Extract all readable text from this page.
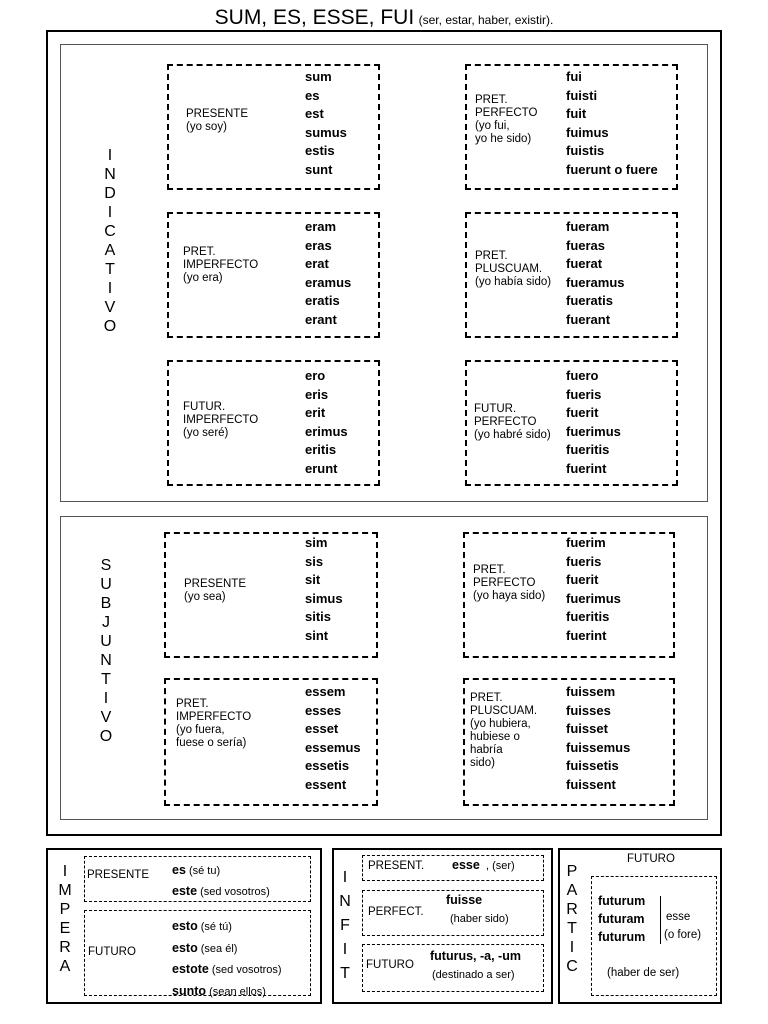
SUM, ES, ESSE, FUI (ser, estar, haber, existir).
I
N
D
I
C
A
T
I
V
O
PRESENTE
(yo soy)
sum
es
est
sumus
estis
sunt
PRET.
PERFECTO
(yo fui,
yo he sido)
fui
fuisti
fuit
fuimus
fuistis
fuerunt o fuere
PRET.
IMPERFECTO
(yo era)
eram
eras
erat
eramus
eratis
erant
PRET.
PLUSCUAM.
(yo había sido)
fueram
fueras
fuerat
fueramus
fueratis
fuerant
FUTUR.
IMPERFECTO
(yo seré)
ero
eris
erit
erimus
eritis
erunt
FUTUR.
PERFECTO
(yo habré sido)
fuero
fueris
fuerit
fuerimus
fueritis
fuerint
S
U
B
J
U
N
T
I
V
O
PRESENTE
(yo sea)
sim
sis
sit
simus
sitis
sint
PRET.
PERFECTO
(yo haya sido)
fuerim
fueris
fuerit
fuerimus
fueritis
fuerint
PRET.
IMPERFECTO
(yo fuera,
fuese o sería)
essem
esses
esset
essemus
essetis
essent
PRET.
PLUSCUAM.
(yo hubiera,
hubiese o
habría
sido)
fuissem
fuisses
fuisset
fuissemus
fuissetis
fuissent
I
M
P
E
R
A
PRESENTE es (sé tu)
este (sed vosotros)
FUTURO
esto (sé tú)
esto (sea él)
estote (sed vosotros)
sunto (sean ellos)
I
N
F
I
T
PRESENT. esse , (ser)
PERFECT.
fuisse
(haber sido)
FUTURO
futurus, -a, -um
(destinado a ser)
P
A
R
T
I
C
FUTURO
futurum
futuram
futurum
esse
(o fore)
(haber de ser)
